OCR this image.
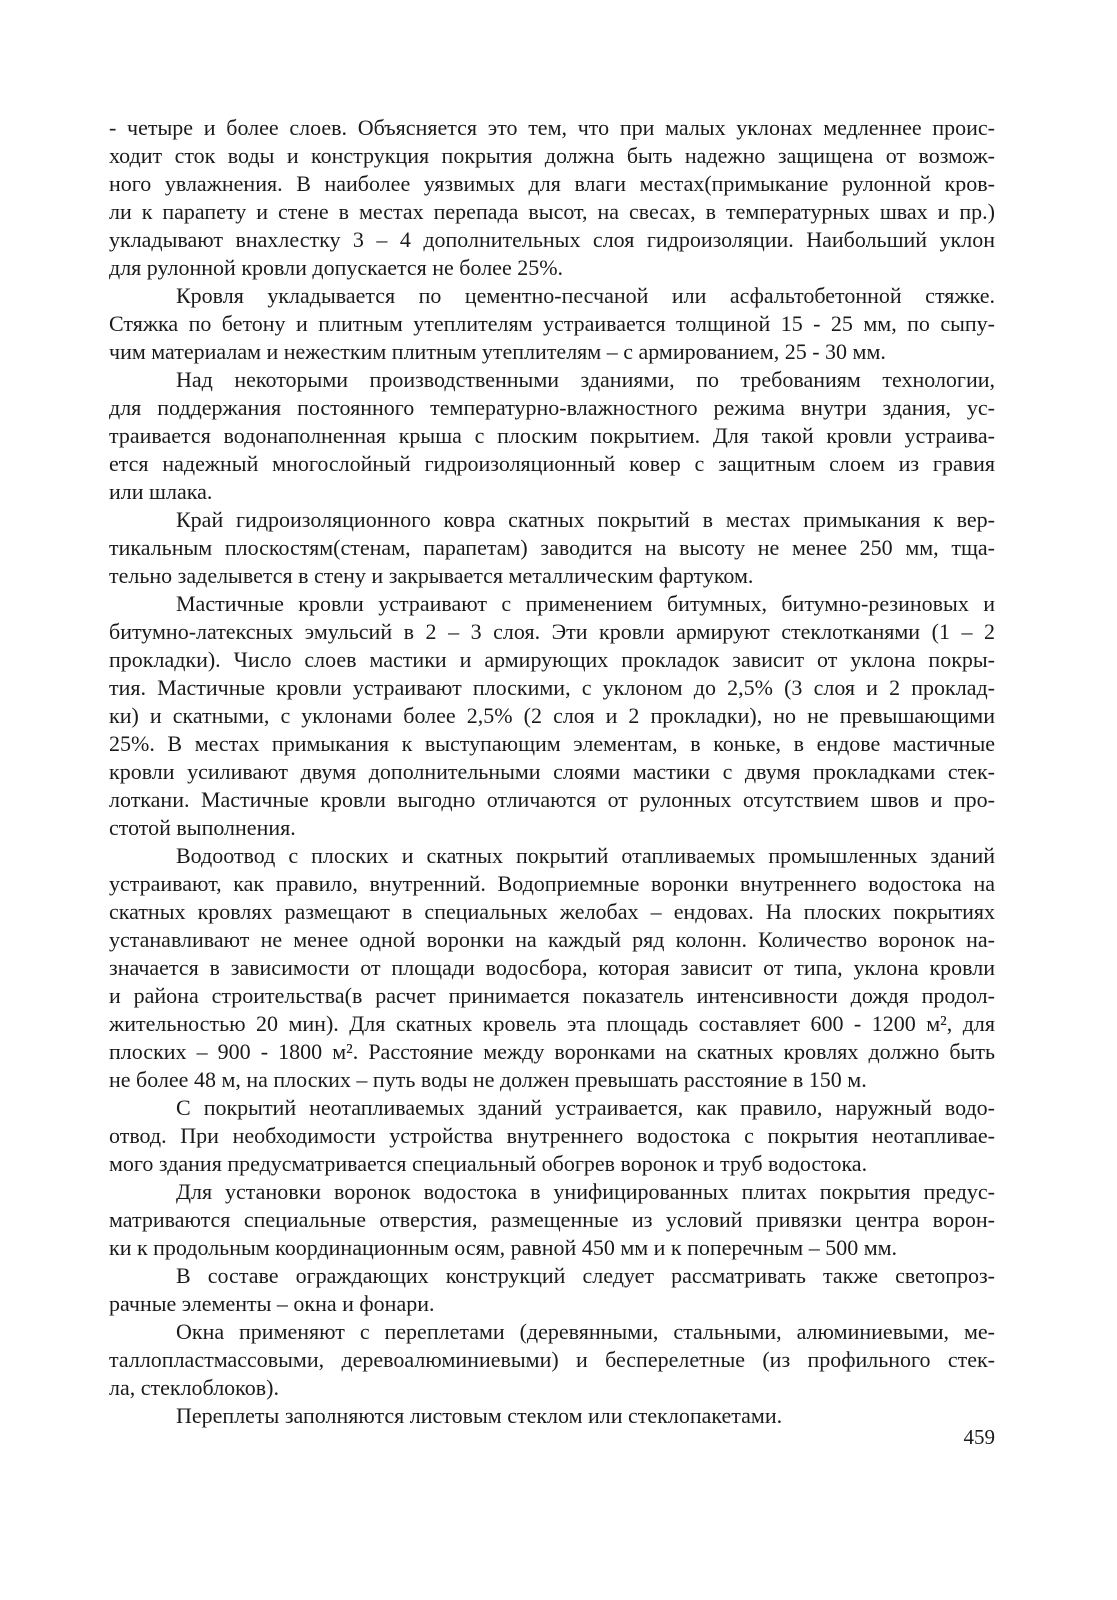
- четыре и более слоев. Объясняется это тем, что при малых уклонах медленнее проис-
ходит сток воды и конструкция покрытия должна быть надежно защищена от возмож-
ного увлажнения. В наиболее уязвимых для влаги местах(примыкание рулонной кров-
ли к парапету и стене в местах перепада высот, на свесах, в температурных швах и пр.)
укладывают внахлестку 3 – 4 дополнительных слоя гидроизоляции. Наибольший уклон
для рулонной кровли допускается не более 25%.
Кровля укладывается по цементно-песчаной или асфальтобетонной стяжке.
Стяжка по бетону и плитным утеплителям устраивается толщиной 15 - 25 мм, по сыпу-
чим материалам и нежестким плитным утеплителям – с армированием, 25 - 30 мм.
Над некоторыми производственными зданиями, по требованиям технологии,
для поддержания постоянного температурно-влажностного режима внутри здания, ус-
траивается водонаполненная крыша с плоским покрытием. Для такой кровли устраива-
ется надежный многослойный гидроизоляционный ковер с защитным слоем из гравия
или шлака.
Край гидроизоляционного ковра скатных покрытий в местах примыкания к вер-
тикальным плоскостям(стенам, парапетам) заводится на высоту не менее 250 мм, тща-
тельно заделывется в стену и закрывается металлическим фартуком.
Мастичные кровли устраивают с применением битумных, битумно-резиновых и
битумно-латексных эмульсий в 2 – 3 слоя. Эти кровли армируют стеклотканями (1 – 2
прокладки). Число слоев мастики и армирующих прокладок зависит от уклона покры-
тия. Мастичные кровли устраивают плоскими, с уклоном до 2,5% (3 слоя и 2 проклад-
ки) и скатными, с уклонами более 2,5% (2 слоя и 2 прокладки), но не превышающими
25%. В местах примыкания к выступающим элементам, в коньке, в ендове мастичные
кровли усиливают двумя дополнительными слоями мастики с двумя прокладками стек-
лоткани. Мастичные кровли выгодно отличаются от рулонных отсутствием швов и про-
стотой выполнения.
Водоотвод с плоских и скатных покрытий отапливаемых промышленных зданий
устраивают, как правило, внутренний. Водоприемные воронки внутреннего водостока на
скатных кровлях размещают в специальных желобах – ендовах. На плоских покрытиях
устанавливают не менее одной воронки на каждый ряд колонн. Количество воронок на-
значается в зависимости от площади водосбора, которая зависит от типа, уклона кровли
и района строительства(в расчет принимается показатель интенсивности дождя продол-
жительностью 20 мин). Для скатных кровель эта площадь составляет 600 - 1200 м², для
плоских – 900 - 1800 м². Расстояние между воронками на скатных кровлях должно быть
не более 48 м, на плоских – путь воды не должен превышать расстояние в 150 м.
С покрытий неотапливаемых зданий устраивается, как правило, наружный водо-
отвод. При необходимости устройства внутреннего водостока с покрытия неотапливае-
мого здания предусматривается специальный обогрев воронок и труб водостока.
Для установки воронок водостока в унифицированных плитах покрытия предус-
матриваются специальные отверстия, размещенные из условий привязки центра ворон-
ки к продольным координационным осям, равной 450 мм и к поперечным – 500 мм.
В составе ограждающих конструкций следует рассматривать также светопроз-
рачные элементы – окна и фонари.
Окна применяют с переплетами (деревянными, стальными, алюминиевыми, ме-
таллопластмассовыми, деревоалюминиевыми) и бесперелетные (из профильного стек-
ла, стеклоблоков).
Переплеты заполняются листовым стеклом или стеклопакетами.
459
